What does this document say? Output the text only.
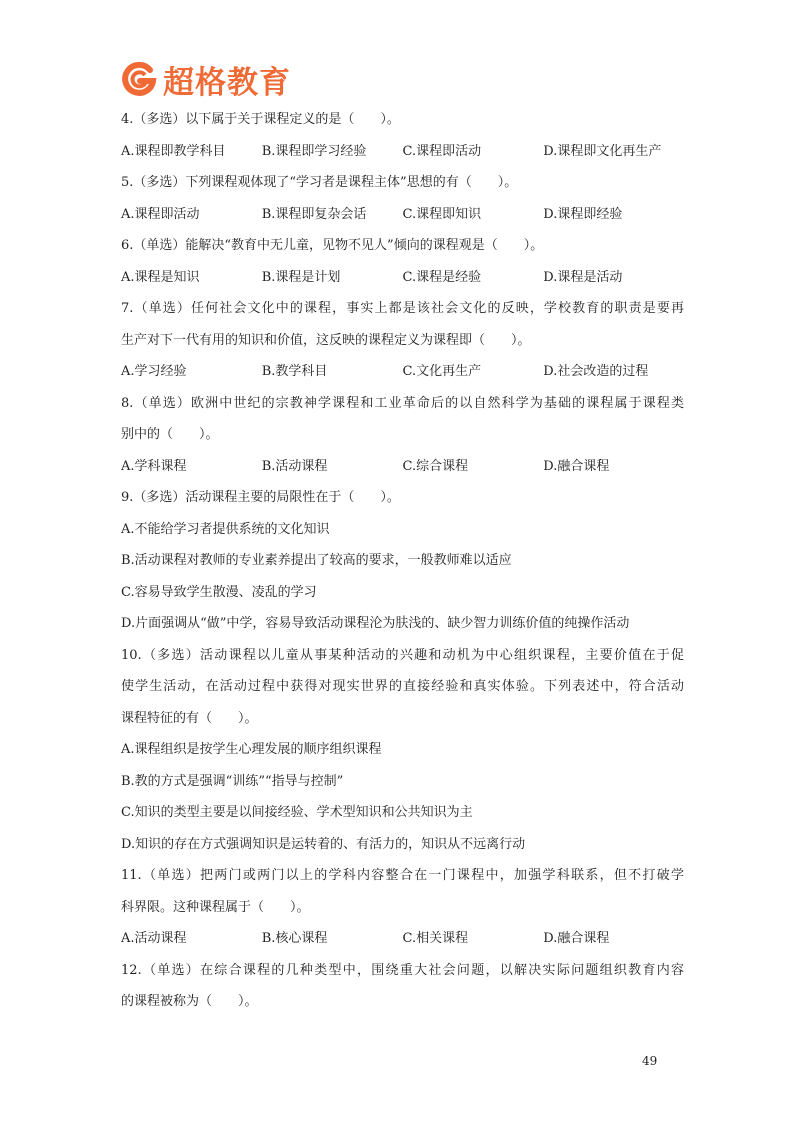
超格教育
4.（多选）以下属于关于课程定义的是（　　）。
A.课程即教学科目	B.课程即学习经验	C.课程即活动	D.课程即文化再生产
5.（多选）下列课程观体现了“学习者是课程主体”思想的有（　　）。
A.课程即活动	B.课程即复杂会话	C.课程即知识	D.课程即经验
6.（单选）能解决“教育中无儿童，见物不见人”倾向的课程观是（　　）。
A.课程是知识	B.课程是计划	C.课程是经验	D.课程是活动
7.（单选）任何社会文化中的课程，事实上都是该社会文化的反映，学校教育的职责是要再
生产对下一代有用的知识和价值，这反映的课程定义为课程即（　　）。
A.学习经验	B.教学科目	C.文化再生产	D.社会改造的过程
8.（单选）欧洲中世纪的宗教神学课程和工业革命后的以自然科学为基础的课程属于课程类
别中的（　　）。
A.学科课程	B.活动课程	C.综合课程	D.融合课程
9.（多选）活动课程主要的局限性在于（　　）。
A.不能给学习者提供系统的文化知识
B.活动课程对教师的专业素养提出了较高的要求，一般教师难以适应
C.容易导致学生散漫、凌乱的学习
D.片面强调从“做”中学，容易导致活动课程沦为肤浅的、缺少智力训练价值的纯操作活动
10.（多选）活动课程以儿童从事某种活动的兴趣和动机为中心组织课程，主要价值在于促
使学生活动，在活动过程中获得对现实世界的直接经验和真实体验。下列表述中，符合活动
课程特征的有（　　）。
A.课程组织是按学生心理发展的顺序组织课程
B.教的方式是强调“训练”“指导与控制”
C.知识的类型主要是以间接经验、学术型知识和公共知识为主
D.知识的存在方式强调知识是运转着的、有活力的，知识从不远离行动
11.（单选）把两门或两门以上的学科内容整合在一门课程中，加强学科联系，但不打破学
科界限。这种课程属于（　　）。
A.活动课程	B.核心课程	C.相关课程	D.融合课程
12.（单选）在综合课程的几种类型中，围绕重大社会问题，以解决实际问题组织教育内容
的课程被称为（　　）。
49
